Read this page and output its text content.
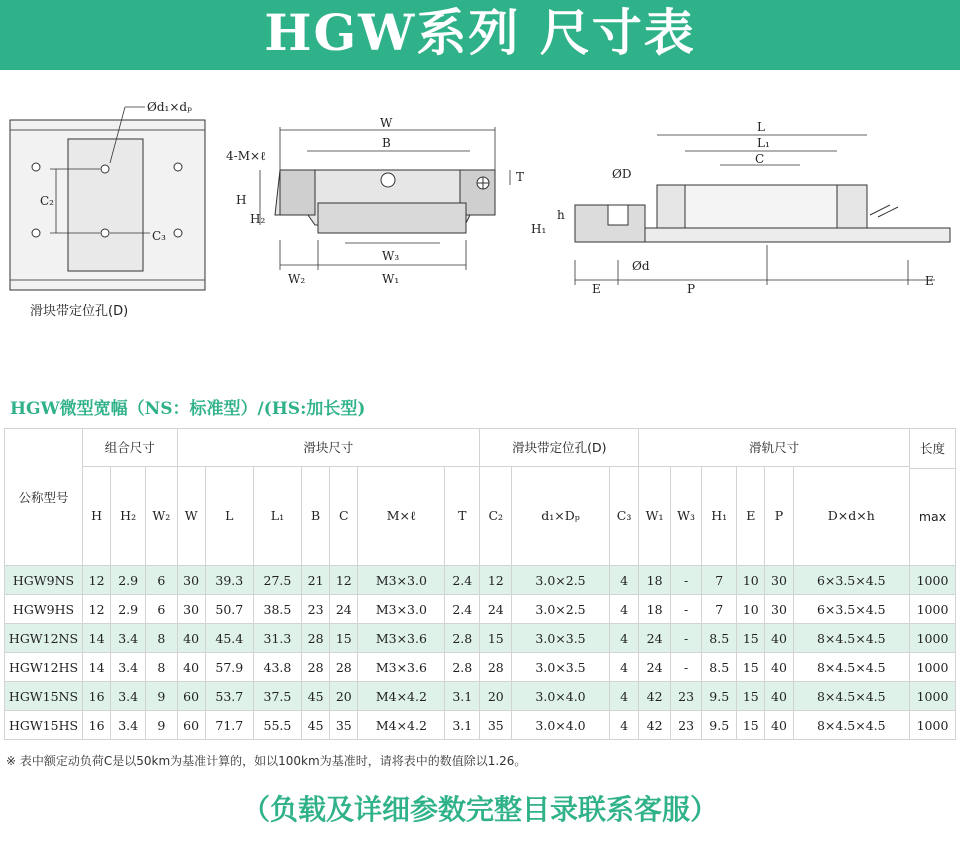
HGW系列 尺寸表
Ød₁×dₚ
C₂
C₃
W
B
4-M×ℓ
T
H
H₂
W₃
W₂	W₁
L
L₁
C
ØD
h
H₁
Ød
E	P
E
滑块带定位孔(D)
HGW微型宽幅（NS：标准型）/(HS:加长型)
公称型号	组合尺寸			滑块尺寸							滑块带定位孔(D)			滑轨尺寸						长度
max

	H	H₂	W₂	W	L	L₁	B	C	M×ℓ	T	C₂	d₁×Dₚ	C₃	W₁	W₃	H₁	E	P	D×d×h	
HGW9NS	12	2.9	6	30	39.3	27.5	21	12	M3×3.0	2.4	12	3.0×2.5	4	18	-	7	10	30	6×3.5×4.5	1000
HGW9HS	12	2.9	6	30	50.7	38.5	23	24	M3×3.0	2.4	24	3.0×2.5	4	18	-	7	10	30	6×3.5×4.5	1000
HGW12NS	14	3.4	8	40	45.4	31.3	28	15	M3×3.6	2.8	15	3.0×3.5	4	24	-	8.5	15	40	8×4.5×4.5	1000
HGW12HS	14	3.4	8	40	57.9	43.8	28	28	M3×3.6	2.8	28	3.0×3.5	4	24	-	8.5	15	40	8×4.5×4.5	1000
HGW15NS	16	3.4	9	60	53.7	37.5	45	20	M4×4.2	3.1	20	3.0×4.0	4	42	23	9.5	15	40	8×4.5×4.5	1000
HGW15HS	16	3.4	9	60	71.7	55.5	45	35	M4×4.2	3.1	35	3.0×4.0	4	42	23	9.5	15	40	8×4.5×4.5	1000
※ 表中额定动负荷C是以50km为基准计算的，如以100km为基准时，请将表中的数值除以1.26。
（负载及详细参数完整目录联系客服）
